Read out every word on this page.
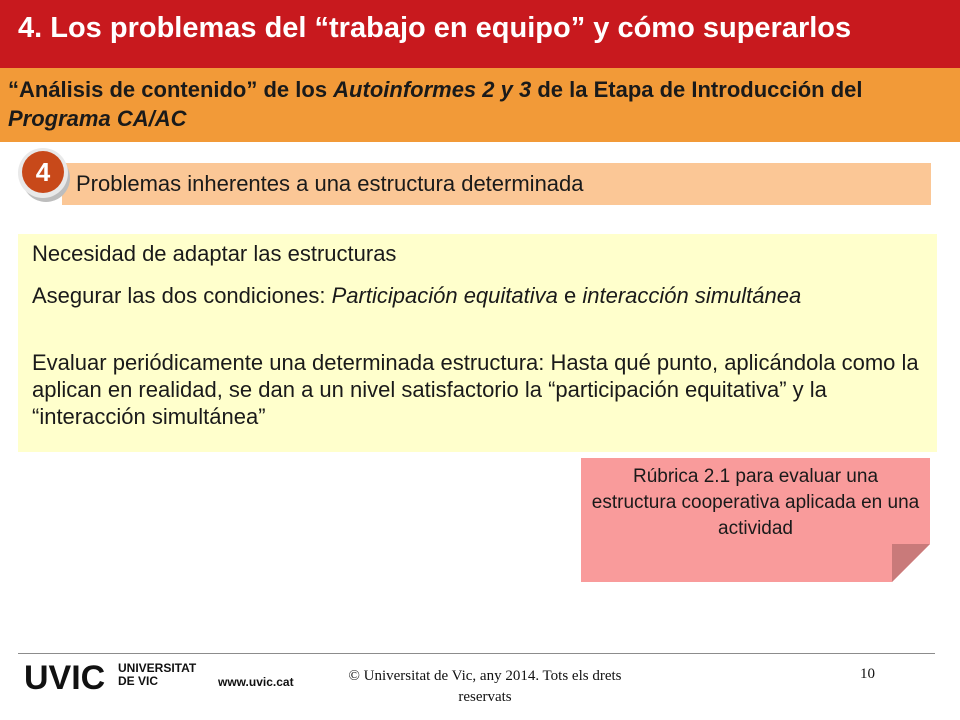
4. Los problemas del “trabajo en equipo” y cómo superarlos
“Análisis de contenido” de los Autoinformes 2 y 3 de la Etapa de Introducción del Programa CA/AC
Problemas inherentes a una estructura determinada
4
Necesidad de adaptar las estructuras
Asegurar las dos condiciones: Participación equitativa e interacción simultánea
Evaluar periódicamente una determinada estructura: Hasta qué punto, aplicándola como la aplican en realidad, se dan a un nivel satisfactorio la “participación equitativa” y la “interacción simultánea”
Rúbrica 2.1 para evaluar una estructura cooperativa aplicada en una actividad
UVIC UNIVERSITAT
DE VIC	www.uvic.cat	© Universitat de Vic, any 2014. Tots els drets reservats
10
